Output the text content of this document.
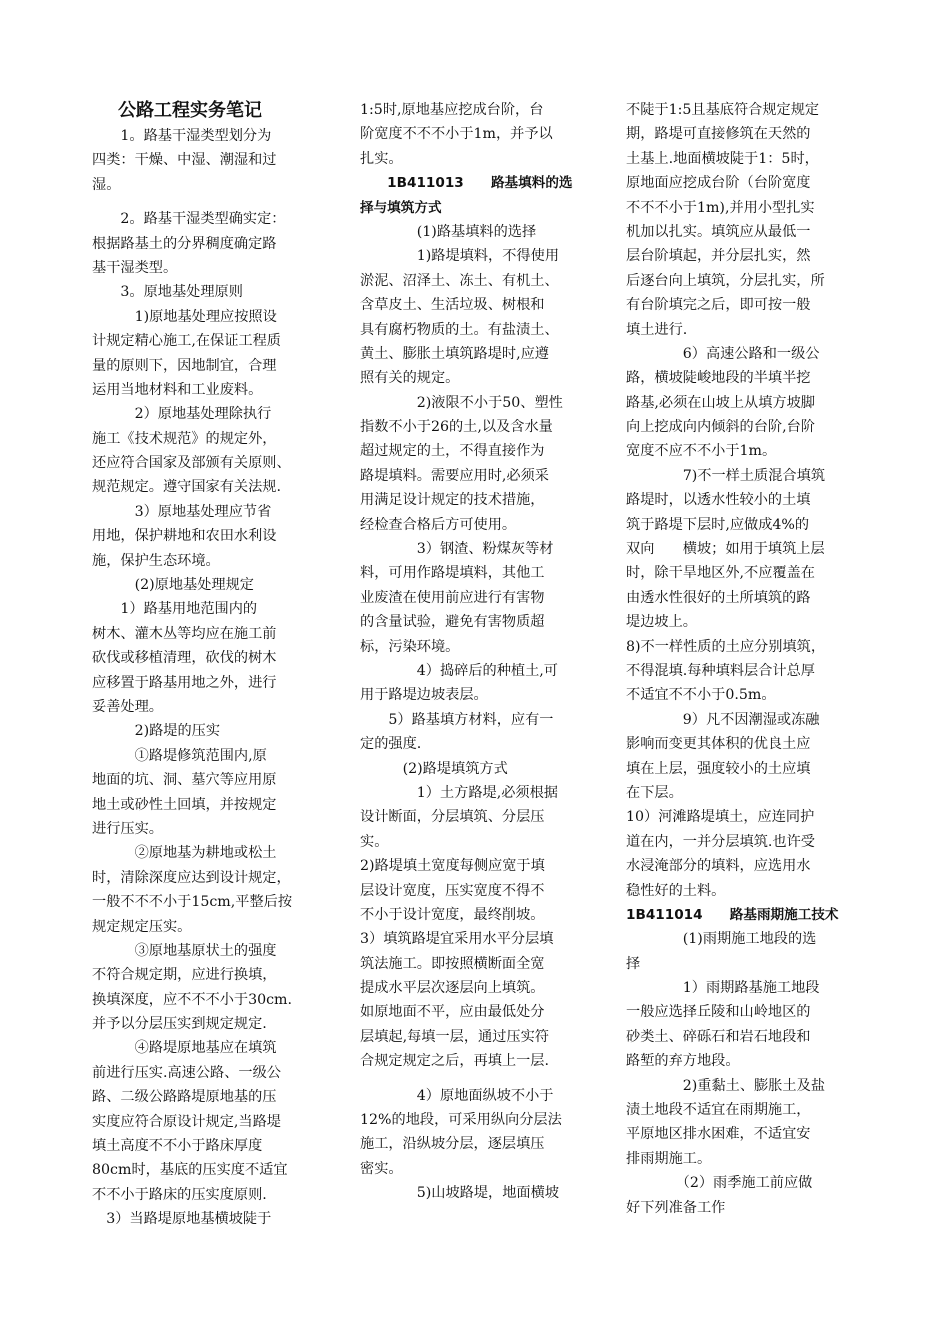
公路工程实务笔记
　　1。路基干湿类型划分为
四类：干燥、中湿、潮湿和过
湿。
　　2。路基干湿类型确实定：
根据路基土的分界稠度确定路
基干湿类型。
　　3。原地基处理原则
　　　1)原地基处理应按照设
计规定精心施工,在保证工程质
量的原则下，因地制宜，合理
运用当地材料和工业废料。
　　　2）原地基处理除执行
施工《技术规范》的规定外，
还应符合国家及部颁有关原则、
规范规定。遵守国家有关法规.
　　　3）原地基处理应节省
用地，保护耕地和农田水利设
施，保护生态环境。
　　　(2)原地基处理规定
　　1）路基用地范围内的
树木、灌木丛等均应在施工前
砍伐或移植清理，砍伐的树木
应移置于路基用地之外，进行
妥善处理。
　　　2)路堤的压实
　　　①路堤修筑范围内,原
地面的坑、洞、墓穴等应用原
地土或砂性土回填，并按规定
进行压实。
　　　②原地基为耕地或松土
时，清除深度应达到设计规定，
一般不不不小于15cm,平整后按
规定规定压实。
　　　③原地基原状土的强度
不符合规定期，应进行换填，
换填深度，应不不不小于30cm.
并予以分层压实到规定规定.
　　　④路堤原地基应在填筑
前进行压实.高速公路、一级公
路、二级公路路堤原地基的压
实度应符合原设计规定,当路堤
填土高度不不小于路床厚度
80cm时，基底的压实度不适宜
不不小于路床的压实度原则.
　3）当路堤原地基横坡陡于
1:5时,原地基应挖成台阶，台
阶宽度不不不小于1m，并予以
扎实。
　　1B411013　　路基填料的选
择与填筑方式
　　　　(1)路基填料的选择
　　　　1)路堤填料，不得使用
淤泥、沼泽土、冻土、有机土、
含草皮土、生活垃圾、树根和
具有腐朽物质的土。有盐渍土、
黄土、膨胀土填筑路堤时,应遵
照有关的规定。
　　　　2)液限不小于50、塑性
指数不小于26的土,以及含水量
超过规定的土，不得直接作为
路堤填料。需要应用时,必须采
用满足设计规定的技术措施，
经检查合格后方可使用。
　　　　3）钢渣、粉煤灰等材
料，可用作路堤填料，其他工
业废渣在使用前应进行有害物
的含量试验，避免有害物质超
标，污染环境。
　　　　4）捣碎后的种植土,可
用于路堤边坡表层。
　　5）路基填方材料，应有一
定的强度.
　　　(2)路堤填筑方式
　　　　1）土方路堤,必须根据
设计断面，分层填筑、分层压
实。
2)路堤填土宽度每侧应宽于填
层设计宽度，压实宽度不得不
不小于设计宽度，最终削坡。
3）填筑路堤宜采用水平分层填
筑法施工。即按照横断面全宽
提成水平层次逐层向上填筑。
如原地面不平，应由最低处分
层填起,每填一层，通过压实符
合规定规定之后，再填上一层.
　　　　4）原地面纵坡不小于
12%的地段，可采用纵向分层法
施工，沿纵坡分层，逐层填压
密实。
　　　　5)山坡路堤，地面横坡
不陡于1:5且基底符合规定规定
期，路堤可直接修筑在天然的
土基上.地面横坡陡于1：5时，
原地面应挖成台阶（台阶宽度
不不不小于1m),并用小型扎实
机加以扎实。填筑应从最低一
层台阶填起，并分层扎实，然
后逐台向上填筑，分层扎实，所
有台阶填完之后，即可按一般
填土进行.
　　　　6）高速公路和一级公
路，横坡陡峻地段的半填半挖
路基,必须在山坡上从填方坡脚
向上挖成向内倾斜的台阶,台阶
宽度不应不不小于1m。
　　　　7)不一样土质混合填筑
路堤时，以透水性较小的土填
筑于路堤下层时,应做成4%的
双向　　横坡；如用于填筑上层
时，除干旱地区外,不应覆盖在
由透水性很好的土所填筑的路
堤边坡上。
8)不一样性质的土应分别填筑，
不得混填.每种填料层合计总厚
不适宜不不小于0.5m。
　　　　9）凡不因潮湿或冻融
影响而变更其体积的优良土应
填在上层，强度较小的土应填
在下层。
10）河滩路堤填土，应连同护
道在内，一并分层填筑.也许受
水浸淹部分的填料，应选用水
稳性好的土料。
1B411014　　路基雨期施工技术
　　　　(1)雨期施工地段的选
择
　　　　1）雨期路基施工地段
一般应选择丘陵和山岭地区的
砂类土、碎砾石和岩石地段和
路堑的弃方地段。
　　　　2)重黏土、膨胀土及盐
渍土地段不适宜在雨期施工，
平原地区排水困难，不适宜安
排雨期施工。
　　　　（2）雨季施工前应做
好下列准备工作
